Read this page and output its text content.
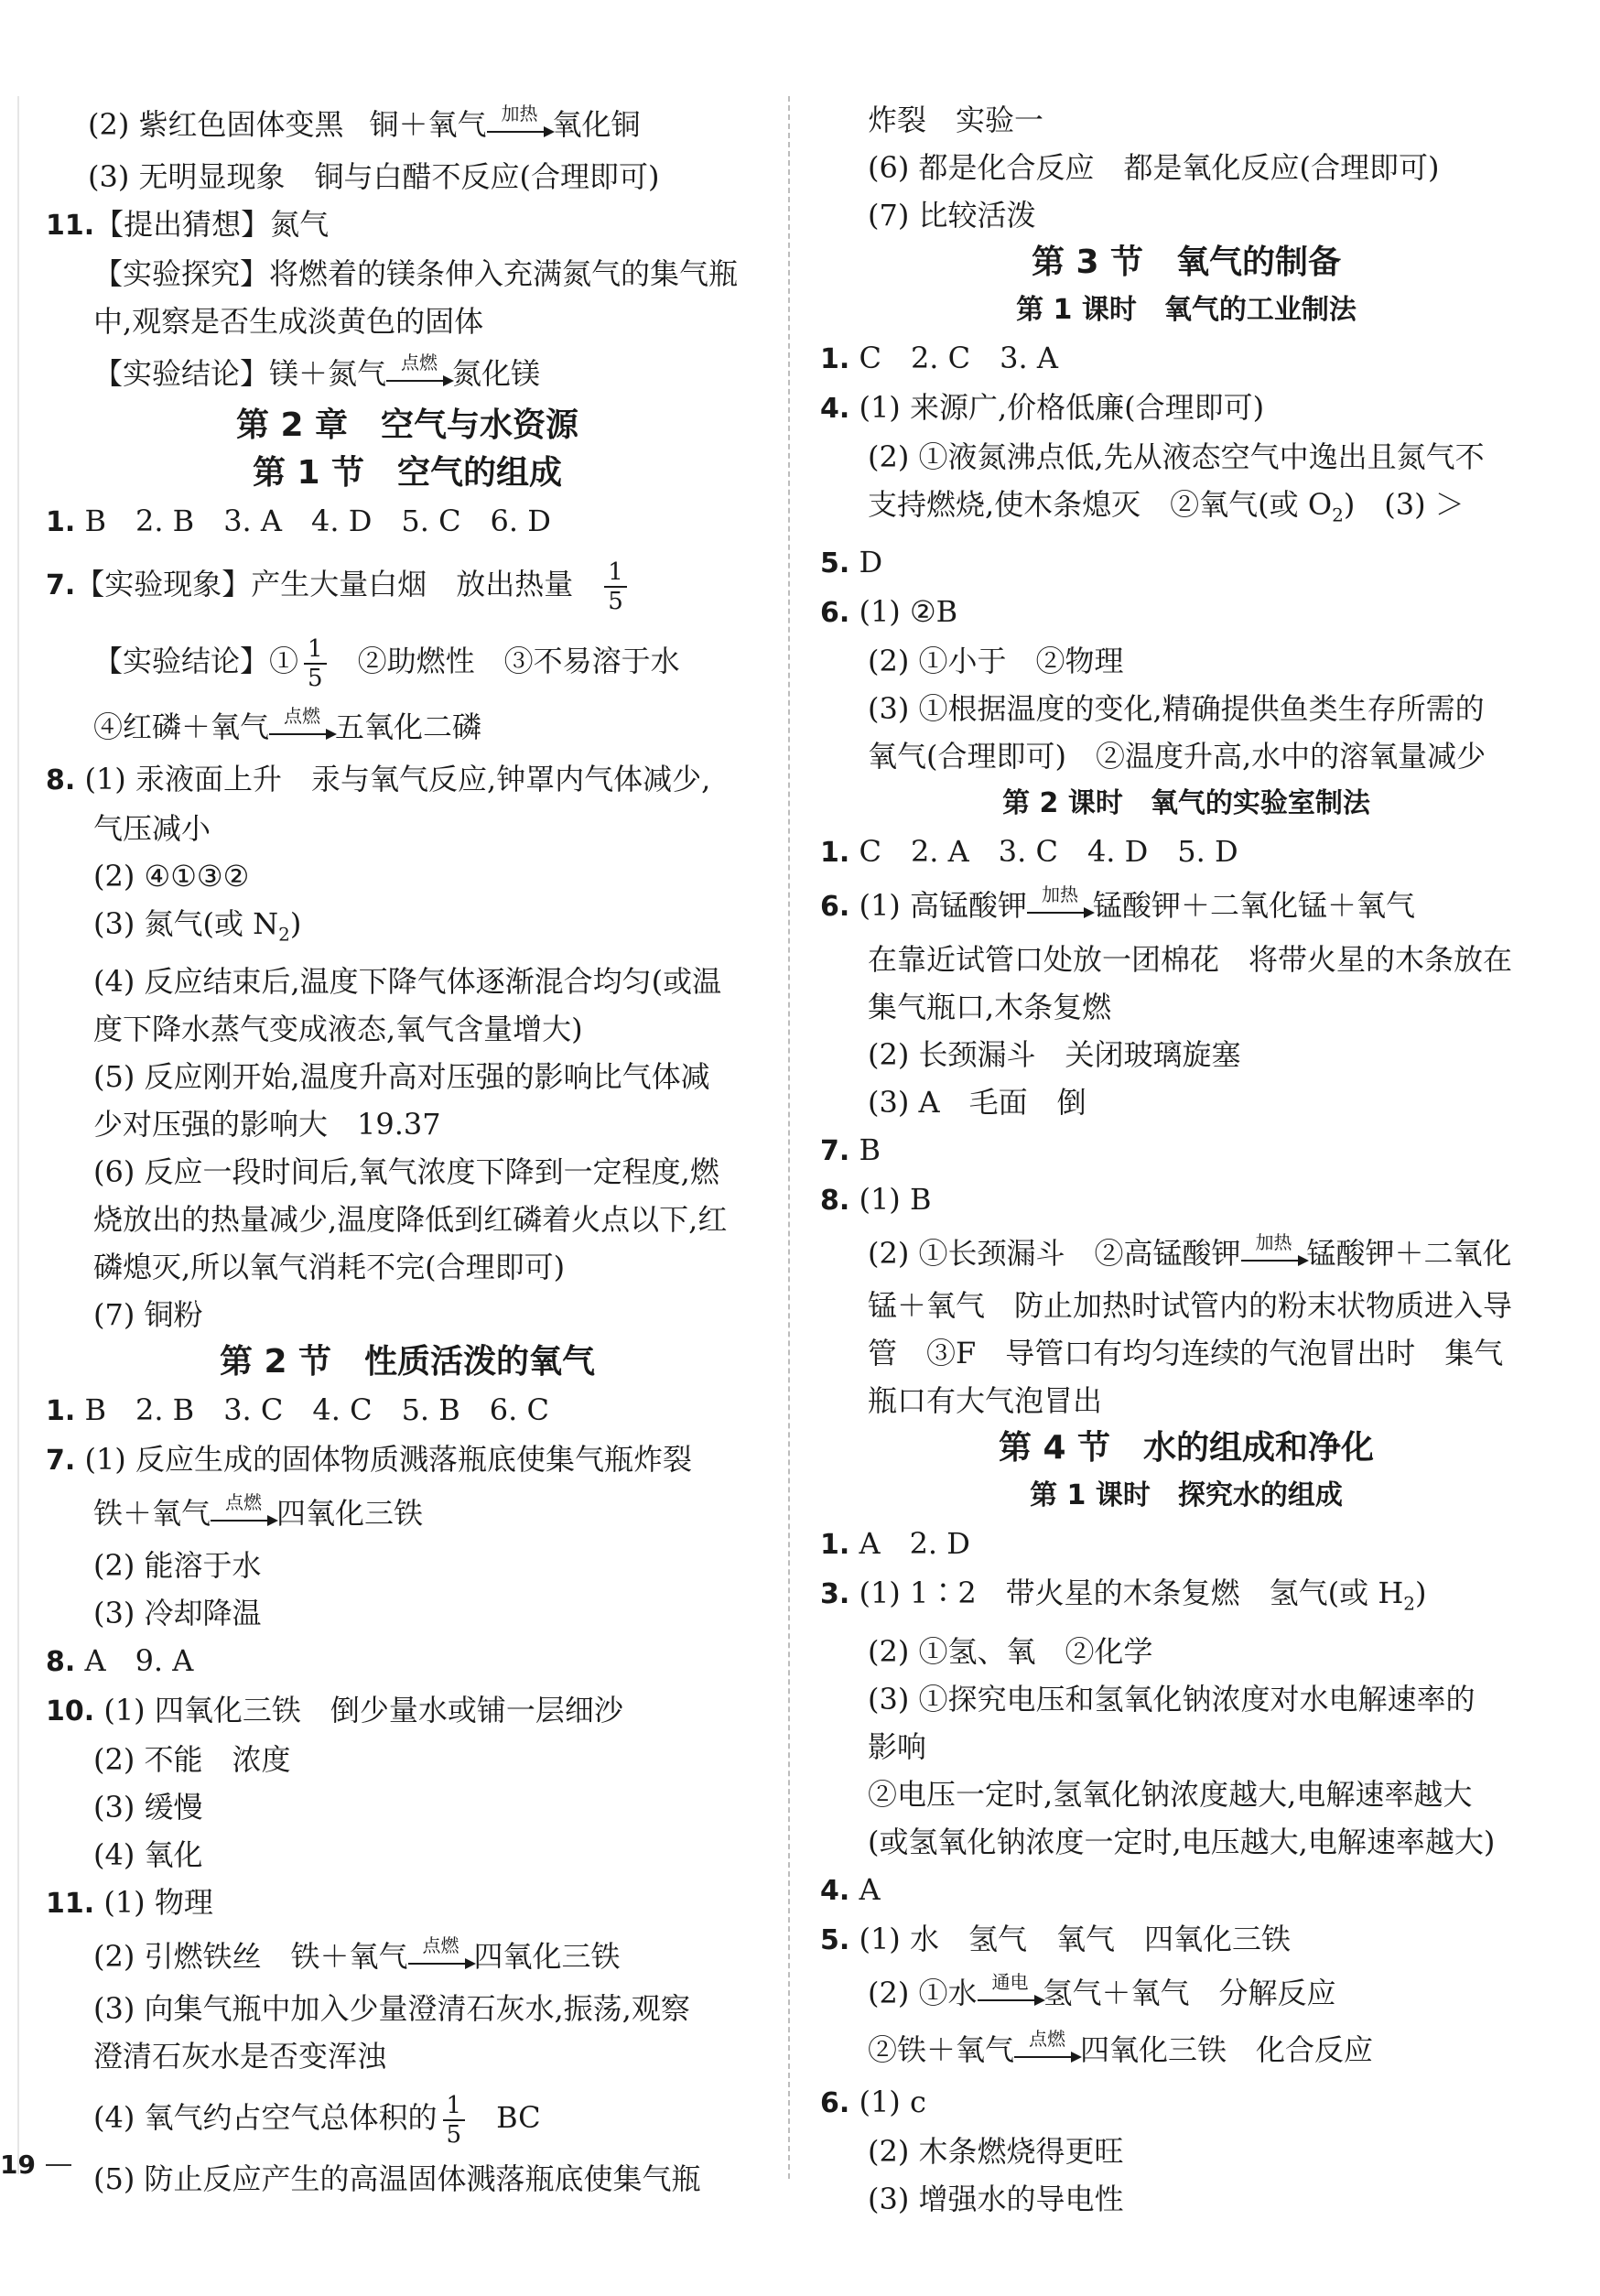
(2) 紫红色固体变黑 铜＋氧气 加热 氧化铜
(3) 无明显现象　铜与白醋不反应(合理即可)
11.【提出猜想】氮气
【实验探究】将燃着的镁条伸入充满氮气的集气瓶
中,观察是否生成淡黄色的固体
【实验结论】镁＋氮气 点燃 氮化镁
第 2 章　空气与水资源
第 1 节　空气的组成
1. B　2. B　3. A　4. D　5. C　6. D
7.【实验现象】产生大量白烟　放出热量 $\frac{1}{5}$
【实验结论】① $\frac{1}{5}$ ②助燃性　③不易溶于水
④红磷＋氧气 点燃 五氧化二磷
8. (1) 汞液面上升　汞与氧气反应,钟罩内气体减少,
气压减小
(2) ④①③②
(3) 氮气(或 $N_2$)
(4) 反应结束后,温度下降气体逐渐混合均匀(或温
度下降水蒸气变成液态,氧气含量增大)
(5) 反应刚开始,温度升高对压强的影响比气体减
少对压强的影响大　19.37
(6) 反应一段时间后,氧气浓度下降到一定程度,燃
烧放出的热量减少,温度降低到红磷着火点以下,红
磷熄灭,所以氧气消耗不完(合理即可)
(7) 铜粉
第 2 节　性质活泼的氧气
1. B　2. B　3. C　4. C　5. B　6. C
7. (1) 反应生成的固体物质溅落瓶底使集气瓶炸裂
铁＋氧气 点燃 四氧化三铁
(2) 能溶于水
(3) 冷却降温
8. A　9. A
10. (1) 四氧化三铁　倒少量水或铺一层细沙
(2) 不能　浓度
(3) 缓慢
(4) 氧化
11. (1) 物理
(2) 引燃铁丝　铁＋氧气 点燃 四氧化三铁
(3) 向集气瓶中加入少量澄清石灰水,振荡,观察
澄清石灰水是否变浑浊
(4) 氧气约占空气总体积的 $\frac{1}{5}$ BC
(5) 防止反应产生的高温固体溅落瓶底使集气瓶
炸裂　实验一
(6) 都是化合反应　都是氧化反应(合理即可)
(7) 比较活泼
第 3 节　氧气的制备
第 1 课时　氧气的工业制法
1. C　2. C　3. A
4. (1) 来源广,价格低廉(合理即可)
(2) ①液氮沸点低,先从液态空气中逸出且氮气不
支持燃烧,使木条熄灭　②氧气(或 $O_2$)　(3) ＞
5. D
6. (1) ②B
(2) ①小于　②物理
(3) ①根据温度的变化,精确提供鱼类生存所需的
氧气(合理即可)　②温度升高,水中的溶氧量减少
第 2 课时　氧气的实验室制法
1. C　2. A　3. C　4. D　5. D
6. (1) 高锰酸钾 加热 锰酸钾＋二氧化锰＋氧气
在靠近试管口处放一团棉花　将带火星的木条放在
集气瓶口,木条复燃
(2) 长颈漏斗　关闭玻璃旋塞
(3) A　毛面　倒
7. B
8. (1) B
(2) ①长颈漏斗　②高锰酸钾 加热 锰酸钾＋二氧化
锰＋氧气　防止加热时试管内的粉末状物质进入导
管　③F　导管口有均匀连续的气泡冒出时　集气
瓶口有大气泡冒出
第 4 节　水的组成和净化
第 1 课时　探究水的组成
1. A　2. D
3. (1) 1∶2　带火星的木条复燃　氢气(或 $H_2$)
(2) ①氢、氧　②化学
(3) ①探究电压和氢氧化钠浓度对水电解速率的
影响
②电压一定时,氢氧化钠浓度越大,电解速率越大
(或氢氧化钠浓度一定时,电压越大,电解速率越大)
4. A
5. (1) 水　氢气　氧气　四氧化三铁
(2) ①水 通电 氢气＋氧气　分解反应
②铁＋氧气 点燃 四氧化三铁　化合反应
6. (1) c
(2) 木条燃烧得更旺
(3) 增强水的导电性
19
